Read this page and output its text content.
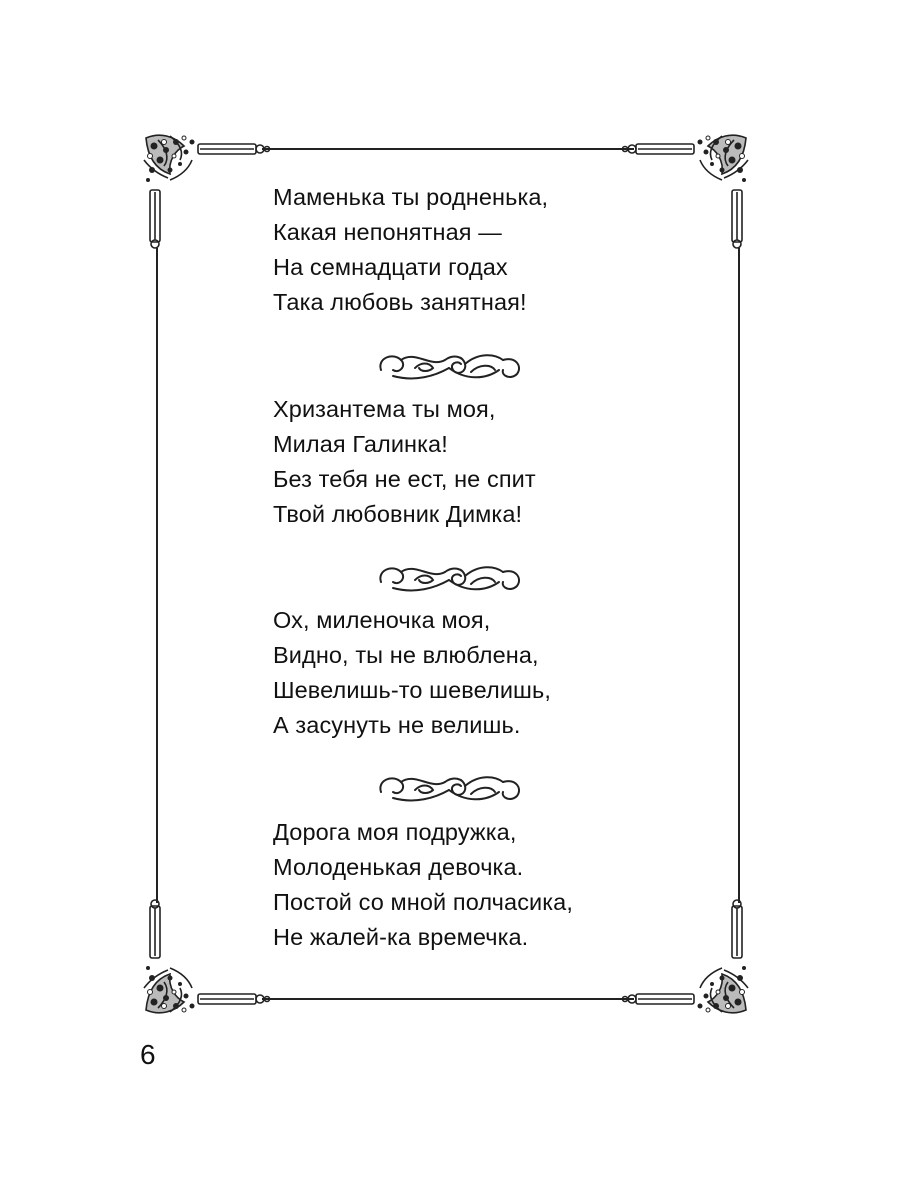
Маменька ты родненька,
Какая непонятная —
На семнадцати годах
Така любовь занятная!
Хризантема ты моя,
Милая Галинка!
Без тебя не ест, не спит
Твой любовник Димка!
Ох, миленочка моя,
Видно, ты не влюблена,
Шевелишь-то шевелишь,
А засунуть не велишь.
Дорога моя подружка,
Молоденькая девочка.
Постой со мной полчасика,
Не жалей-ка времечка.
6
